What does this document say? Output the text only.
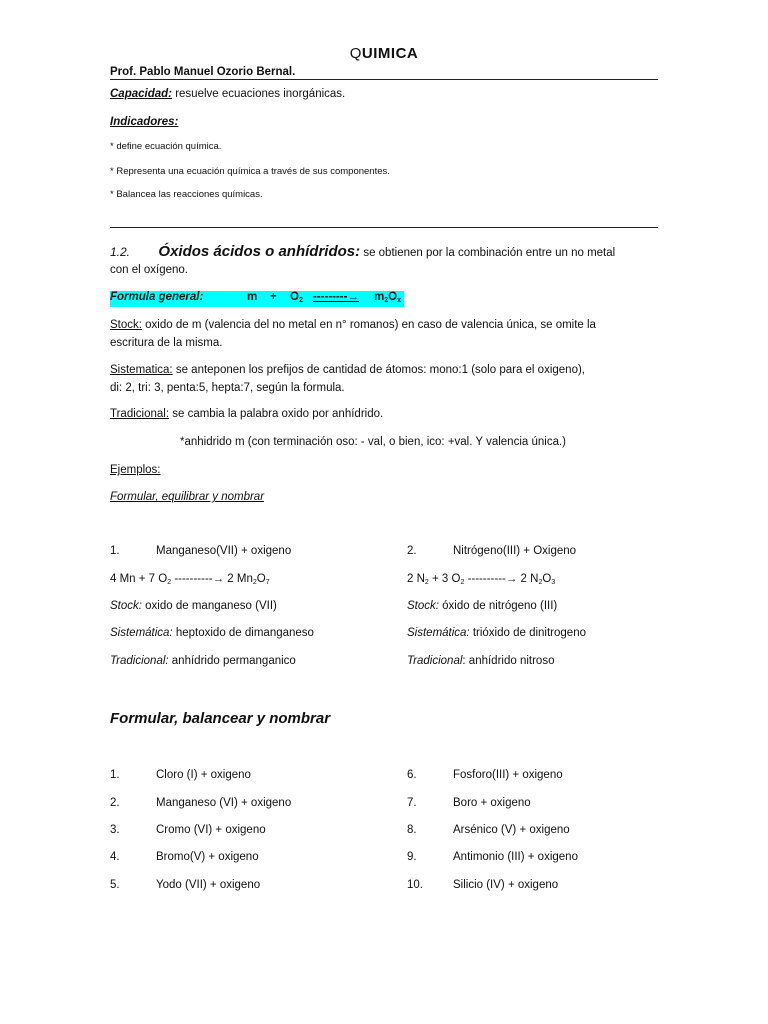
QUIMICA
Prof. Pablo Manuel Ozorio Bernal.
Capacidad: resuelve ecuaciones inorgánicas.
Indicadores:
* define ecuación química.
* Representa una ecuación química a través de sus componentes.
* Balancea las reacciones químicas.
1.2. Óxidos ácidos o anhídridos: se obtienen por la combinación entre un no metal
con el oxígeno.
Formula general:	$m + O_2$ ---------→ $m_2O_x$
Stock: oxido de m (valencia del no metal en n° romanos) en caso de valencia única, se omite la
escritura de la misma.
Sistematica: se anteponen los prefijos de cantidad de átomos: mono:1 (solo para el oxigeno),
di: 2, tri: 3, penta:5, hepta:7, según la formula.
Tradicional: se cambia la palabra oxido por anhídrido.
*anhidrido m (con terminación oso: - val, o bien, ico: +val. Y valencia única.)
Ejemplos:
Formular, equilibrar y nombrar
1.	Manganeso(VII) + oxigeno
4 Mn + 7 $O_2$ ----------→ 2 $Mn_2O_7$
Stock: oxido de manganeso (VII)
Sistemática: heptoxido de dimanganeso
Tradicional: anhídrido permanganico
2.	Nitrógeno(III) + Oxigeno
2 $N_2 + 3$ $O_2$ ----------→ 2 $N_2O_3$
Stock: óxido de nitrógeno (III)
Sistemática: trióxido de dinitrogeno
Tradicional: anhídrido nitroso
Formular, balancear y nombrar
1.	Cloro (I) + oxigeno
2.	Manganeso (VI) + oxigeno
3.	Cromo (VI) + oxigeno
4.	Bromo(V) + oxigeno
5.	Yodo (VII) + oxigeno
6.	Fosforo(III) + oxigeno
7.	Boro + oxigeno
8.	Arsénico (V) + oxigeno
9.	Antimonio (III) + oxigeno
10.	Silicio (IV) + oxigeno
